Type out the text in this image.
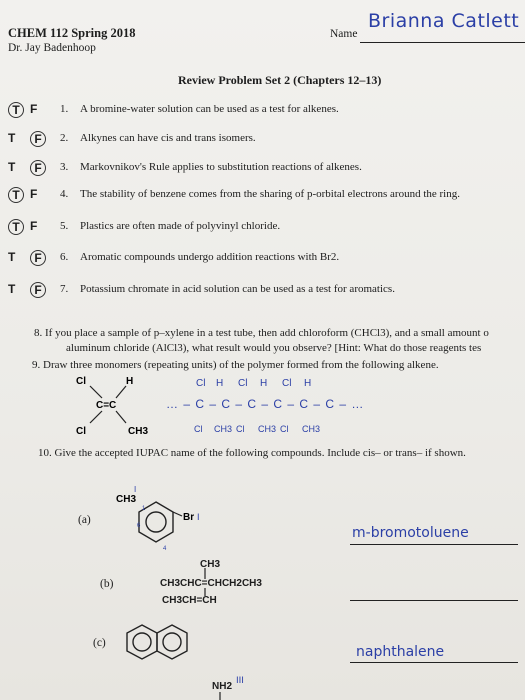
CHEM 112 Spring 2018
Dr. Jay Badenhoop
Name
Brianna Catlett
Review Problem Set 2 (Chapters 12–13)
T F 1. A bromine-water solution can be used as a test for alkenes.
T	F	2. Alkynes can have cis and trans isomers.
T	F	3. Markovnikov's Rule applies to substitution reactions of alkenes.
T F 4. The stability of benzene comes from the sharing of p-orbital electrons around the ring.
T F 5. Plastics are often made of polyvinyl chloride.
T	F	6. Aromatic compounds undergo addition reactions with Br2.
T	F	7. Potassium chromate in acid solution can be used as a test for aromatics.
8. If you place a sample of p–xylene in a test tube, then add chloroform (CHCl3), and a small amount o
aluminum chloride (AlCl3), what result would you observe? [Hint: What do those reagents tes
9. Draw three monomers (repeating units) of the polymer formed from the following alkene.
Cl	H
C=C
Cl	CH3
Cl H Cl H Cl H
… – C – C – C – C – C – C – …
Cl CH3 Cl CH3 Cl CH3
10. Give the accepted IUPAC name of the following compounds. Include cis– or trans– if shown.
(a)
CH3
I
Br I
1
6
4
m-bromotoluene
(b)
CH3
CH3CHC=CHCH2CH3
CH3CH=CH
(c)
naphthalene
NH2 III
